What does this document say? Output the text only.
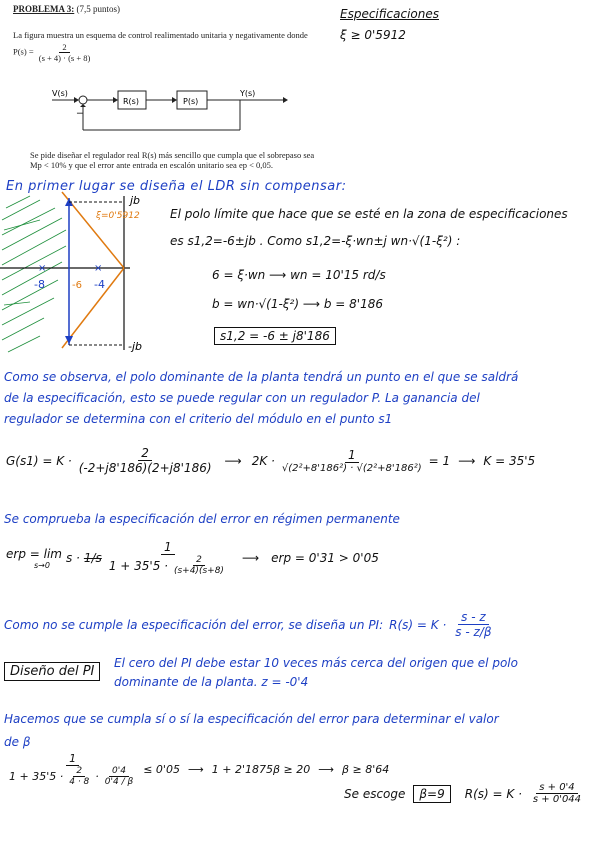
PROBLEMA 3: (7,5 puntos)
La figura muestra un esquema de control realimentado unitaria y negativamente donde
$P(s) = \frac{2}{(s + 4) \cdot (s + 8)}$
V(s)
−
R(s)	P(s)
Y(s)
Se pide diseñar el regulador real R(s) más sencillo que cumpla que el sobrepaso sea
Mp < 10% y que el error ante entrada en escalón unitario sea ep < 0,05.
Especificaciones
ξ ≥ 0'5912
En primer lugar se diseña el LDR sin compensar:
×	×
jb
-jb
ξ=0'5912
-8	-6 -4
El polo límite que hace que se esté en la zona de especificaciones
es s1,2=-6±jb . Como s1,2=-ξ·wn±j wn·√(1-ξ²) :
6 = ξ·wn ⟶ wn = 10'15 rd/s
b = wn·√(1-ξ²) ⟶ b = 8'186
s1,2 = -6 ± j8'186
Como se observa, el polo dominante de la planta tendrá un punto en el que se saldrá
de la especificación, esto se puede regular con un regulador P. La ganancia del
regulador se determina con el criterio del módulo en el punto s1
$G(s1) = K \cdot \frac{2}{(-2+j8'186)(2+j8'186)}$ ⟶ $2K \cdot \frac{1}{\text{√(2²+8'186²) · √(2²+8'186²)}} = 1$ ⟶ K = 35'5
Se comprueba la especificación del error en régimen permanente
erp = lim
s→0 $s \cdot 1/s \frac{1}{1 + 35'5 \cdot \frac{2}{(s+4)(s+8)}}$ ⟶ erp = 0'31 > 0'05
Como no se cumple la especificación del error, se diseña un PI: $R(s) = K \cdot \frac{s - z}{s - z/\beta}$
Diseño del PI
El cero del PI debe estar 10 veces más cerca del origen que el polo
dominante de la planta. z = -0'4
Hacemos que se cumpla sí o sí la especificación del error para determinar el valor
de β
1
$1 + 35'5 \cdot \frac{2}{4 \cdot 8} \cdot \frac{0'4}{0'4 / \beta} \le 0'05$ ⟶ 1 + 2'1875β ≥ 20 ⟶ β ≥ 8'64
Se escoge	β=9	$R(s) = K \cdot \frac{s + 0'4}{s + 0'044}$
